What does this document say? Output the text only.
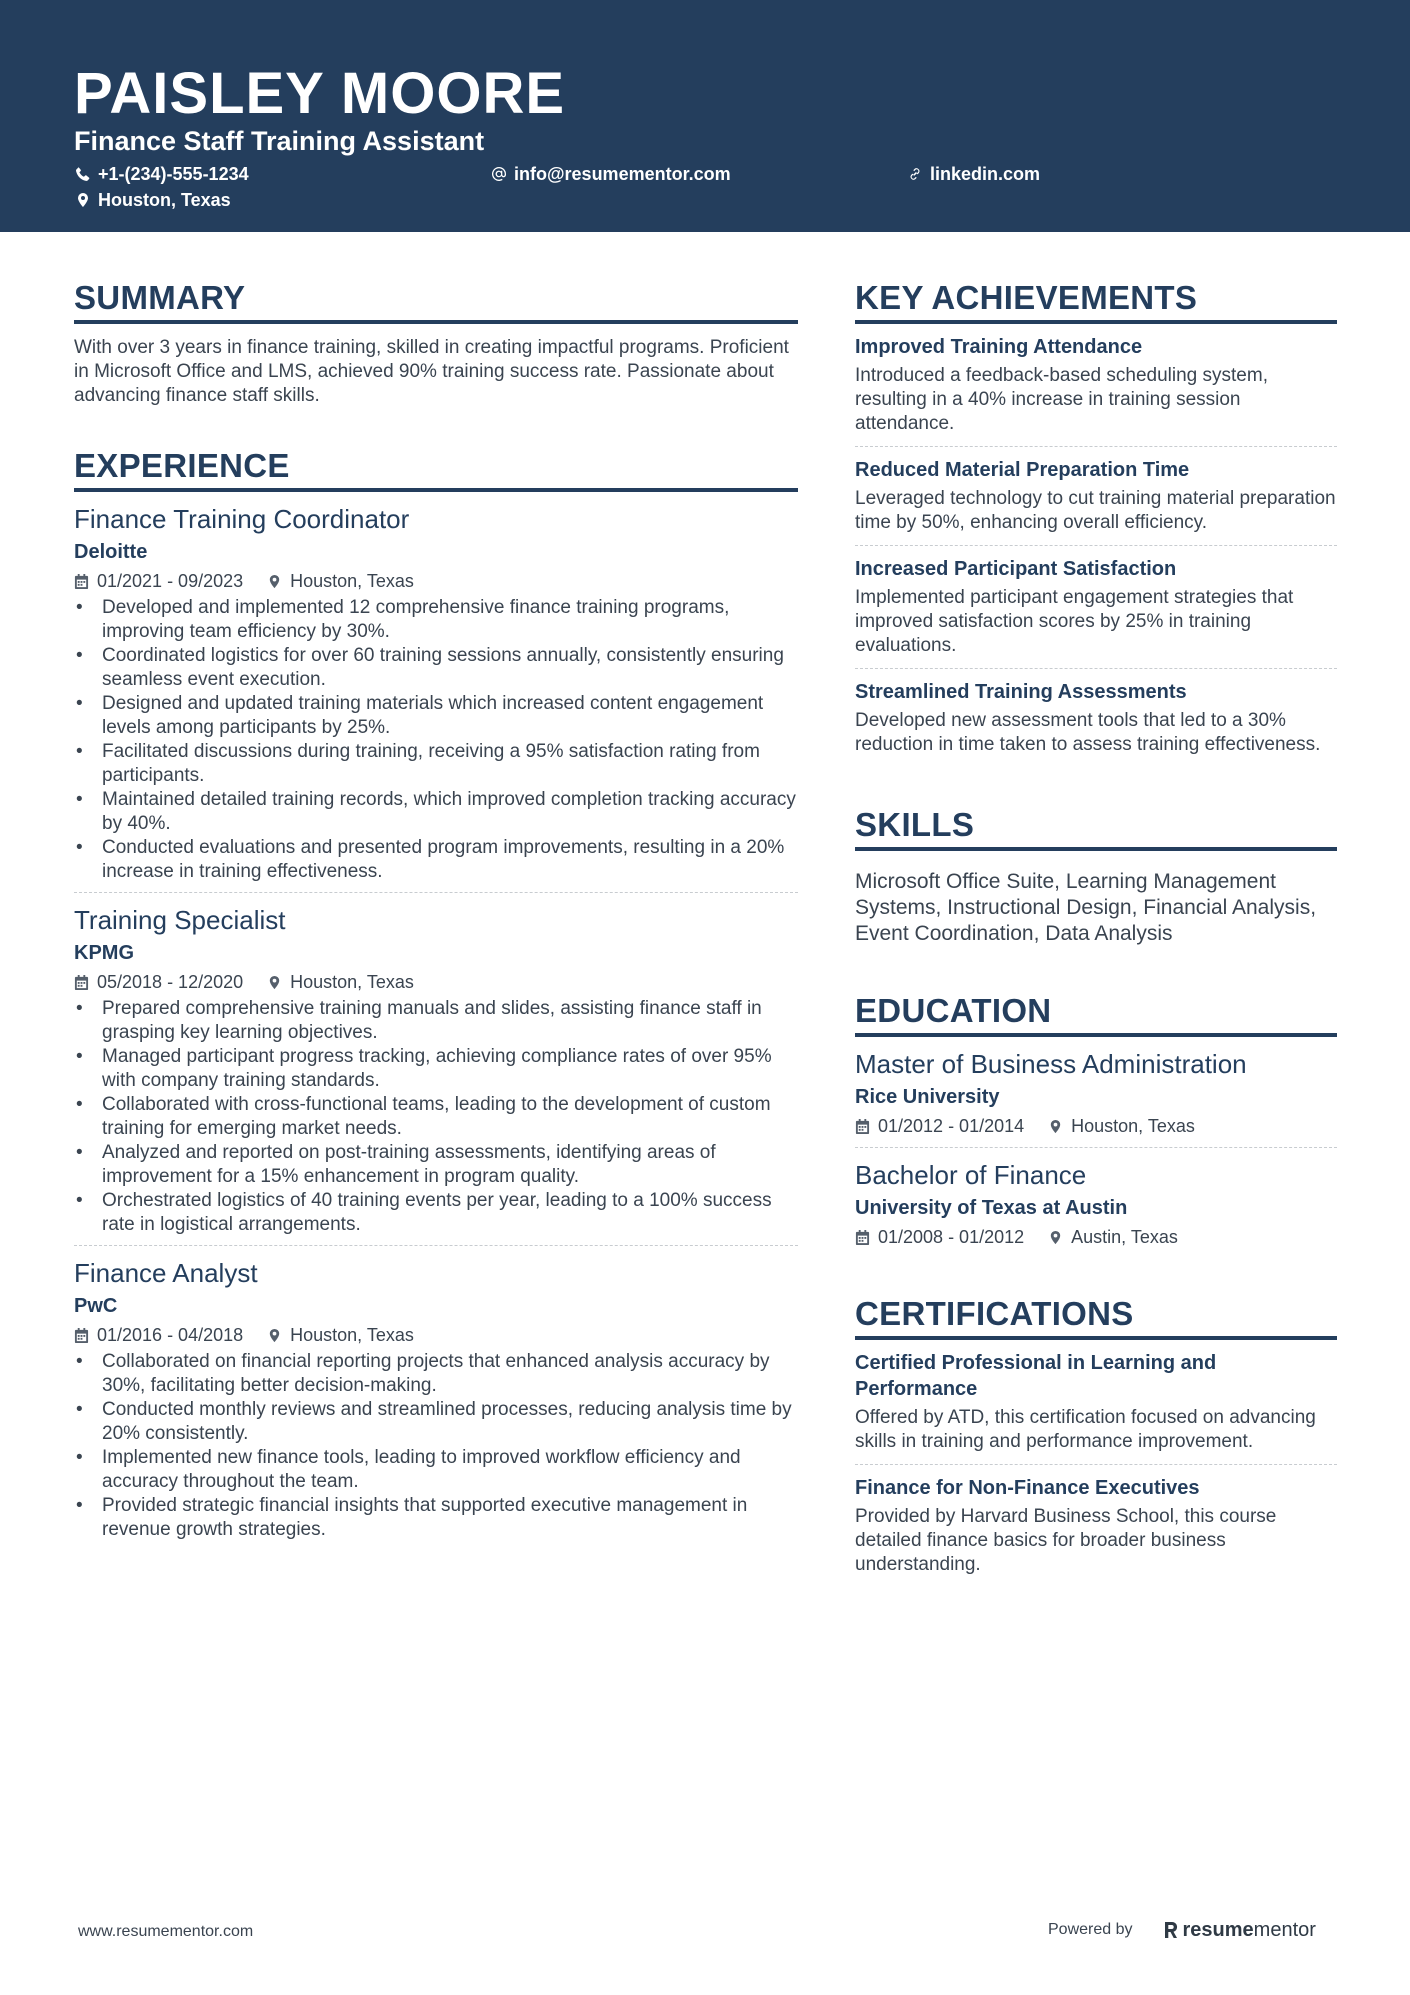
PAISLEY MOORE
Finance Staff Training Assistant
+1-(234)-555-1234	info@resumementor.com	linkedin.com
Houston, Texas
SUMMARY
With over 3 years in finance training, skilled in creating impactful programs. Proficient in Microsoft Office and LMS, achieved 90% training success rate. Passionate about advancing finance staff skills.
EXPERIENCE
Finance Training Coordinator
Deloitte
01/2021 - 09/2023	Houston, Texas
• Developed and implemented 12 comprehensive finance training programs, improving team efficiency by 30%.
• Coordinated logistics for over 60 training sessions annually, consistently ensuring seamless event execution.
• Designed and updated training materials which increased content engagement levels among participants by 25%.
• Facilitated discussions during training, receiving a 95% satisfaction rating from participants.
• Maintained detailed training records, which improved completion tracking accuracy by 40%.
• Conducted evaluations and presented program improvements, resulting in a 20% increase in training effectiveness.
Training Specialist
KPMG
05/2018 - 12/2020	Houston, Texas
• Prepared comprehensive training manuals and slides, assisting finance staff in grasping key learning objectives.
• Managed participant progress tracking, achieving compliance rates of over 95% with company training standards.
• Collaborated with cross-functional teams, leading to the development of custom training for emerging market needs.
• Analyzed and reported on post-training assessments, identifying areas of improvement for a 15% enhancement in program quality.
• Orchestrated logistics of 40 training events per year, leading to a 100% success rate in logistical arrangements.
Finance Analyst
PwC
01/2016 - 04/2018	Houston, Texas
• Collaborated on financial reporting projects that enhanced analysis accuracy by 30%, facilitating better decision-making.
• Conducted monthly reviews and streamlined processes, reducing analysis time by 20% consistently.
• Implemented new finance tools, leading to improved workflow efficiency and accuracy throughout the team.
• Provided strategic financial insights that supported executive management in revenue growth strategies.
KEY ACHIEVEMENTS
Improved Training Attendance
Introduced a feedback-based scheduling system, resulting in a 40% increase in training session attendance.
Reduced Material Preparation Time
Leveraged technology to cut training material preparation time by 50%, enhancing overall efficiency.
Increased Participant Satisfaction
Implemented participant engagement strategies that improved satisfaction scores by 25% in training evaluations.
Streamlined Training Assessments
Developed new assessment tools that led to a 30% reduction in time taken to assess training effectiveness.
SKILLS
Microsoft Office Suite, Learning Management Systems, Instructional Design, Financial Analysis, Event Coordination, Data Analysis
EDUCATION
Master of Business Administration
Rice University
01/2012 - 01/2014	Houston, Texas
Bachelor of Finance
University of Texas at Austin
01/2008 - 01/2012	Austin, Texas
CERTIFICATIONS
Certified Professional in Learning and Performance
Offered by ATD, this certification focused on advancing skills in training and performance improvement.
Finance for Non-Finance Executives
Provided by Harvard Business School, this course detailed finance basics for broader business understanding.
www.resumementor.com	Powered by	resume mentor
